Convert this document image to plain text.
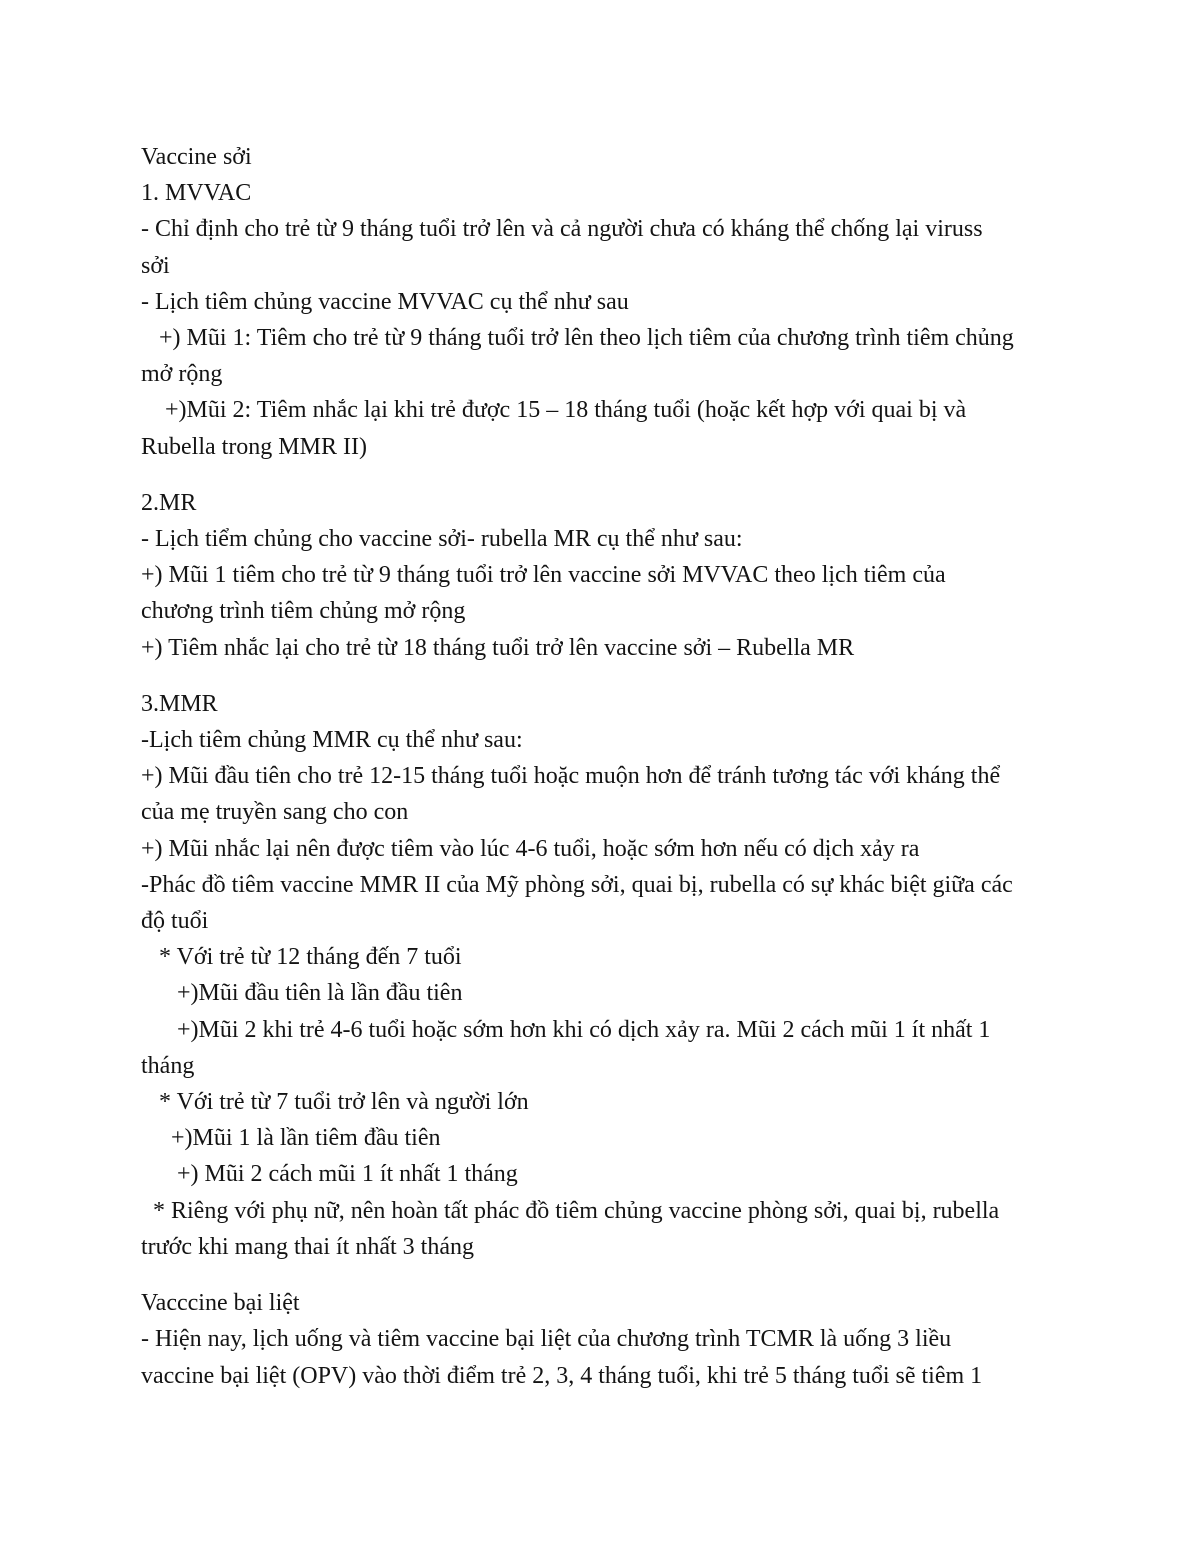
Vaccine sởi

1. MVVAC

- Chỉ định cho trẻ từ 9 tháng tuổi trở lên và cả người chưa có kháng thể chống lại viruss

sởi

- Lịch tiêm chủng vaccine MVVAC cụ thể như sau

+) Mũi 1: Tiêm cho trẻ từ 9 tháng tuổi trở lên theo lịch tiêm của chương trình tiêm chủng

mở rộng

+)Mũi 2: Tiêm nhắc lại khi trẻ được 15 – 18 tháng tuổi (hoặc kết hợp với quai bị và

Rubella trong MMR II)

2.MR

- Lịch tiểm chủng cho vaccine sởi- rubella MR cụ thể như sau:

+) Mũi 1 tiêm cho trẻ từ 9 tháng tuổi trở lên vaccine sởi MVVAC theo lịch tiêm của

chương trình tiêm chủng mở rộng

+) Tiêm nhắc lại cho trẻ từ 18 tháng tuổi trở lên vaccine sởi – Rubella MR

3.MMR

-Lịch tiêm chủng MMR cụ thể như sau:

+) Mũi đầu tiên cho trẻ 12-15 tháng tuổi hoặc muộn hơn để tránh tương tác với kháng thể

của mẹ truyền sang cho con

+) Mũi nhắc lại nên được tiêm vào lúc 4-6 tuổi, hoặc sớm hơn nếu có dịch xảy ra

-Phác đồ tiêm vaccine MMR II của Mỹ phòng sởi, quai bị, rubella có sự khác biệt giữa các

độ tuổi

* Với trẻ từ 12 tháng đến 7 tuổi

+)Mũi đầu tiên là lần đầu tiên

+)Mũi 2 khi trẻ 4-6 tuổi hoặc sớm hơn khi có dịch xảy ra. Mũi 2 cách mũi 1 ít nhất 1

tháng

* Với trẻ từ 7 tuổi trở lên và người lớn

+)Mũi 1 là lần tiêm đầu tiên

+) Mũi 2 cách mũi 1 ít nhất 1 tháng

* Riêng với phụ nữ, nên hoàn tất phác đồ tiêm chủng vaccine phòng sởi, quai bị, rubella

trước khi mang thai ít nhất 3 tháng

Vacccine bại liệt

- Hiện nay, lịch uống và tiêm vaccine bại liệt của chương trình TCMR là uống 3 liều

vaccine bại liệt (OPV) vào thời điểm trẻ 2, 3, 4 tháng tuổi, khi trẻ 5 tháng tuổi sẽ tiêm 1
